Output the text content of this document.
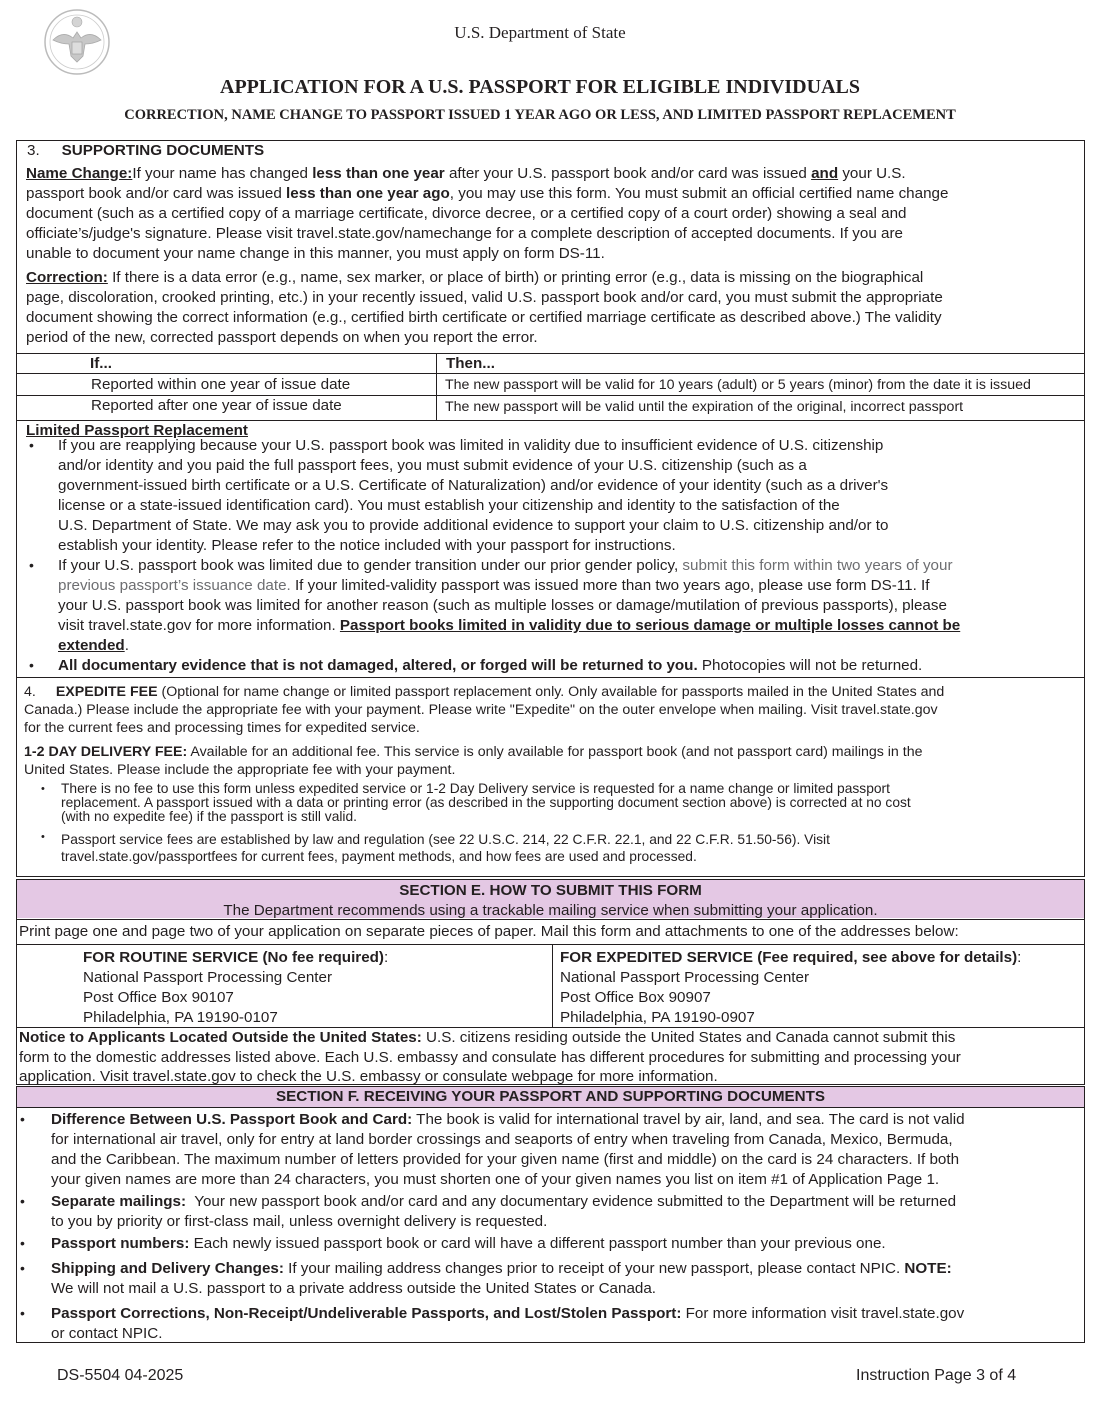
U.S. Department of State
APPLICATION FOR A U.S. PASSPORT FOR ELIGIBLE INDIVIDUALS
CORRECTION, NAME CHANGE TO PASSPORT ISSUED 1 YEAR AGO OR LESS, AND LIMITED PASSPORT REPLACEMENT
3. SUPPORTING DOCUMENTS
Name Change:If your name has changed less than one year after your U.S. passport book and/or card was issued and your U.S.
passport book and/or card was issued less than one year ago, you may use this form. You must submit an official certified name change
document (such as a certified copy of a marriage certificate, divorce decree, or a certified copy of a court order) showing a seal and
officiate’s/judge's signature. Please visit travel.state.gov/namechange for a complete description of accepted documents. If you are
unable to document your name change in this manner, you must apply on form DS-11.
Correction: If there is a data error (e.g., name, sex marker, or place of birth) or printing error (e.g., data is missing on the biographical
page, discoloration, crooked printing, etc.) in your recently issued, valid U.S. passport book and/or card, you must submit the appropriate
document showing the correct information (e.g., certified birth certificate or certified marriage certificate as described above.) The validity
period of the new, corrected passport depends on when you report the error.
If...	Then...
Reported within one year of issue date	The new passport will be valid for 10 years (adult) or 5 years (minor) from the date it is issued
Reported after one year of issue date	The new passport will be valid until the expiration of the original, incorrect passport
Limited Passport Replacement
• If you are reapplying because your U.S. passport book was limited in validity due to insufficient evidence of U.S. citizenship
and/or identity and you paid the full passport fees, you must submit evidence of your U.S. citizenship (such as a
government-issued birth certificate or a U.S. Certificate of Naturalization) and/or evidence of your identity (such as a driver's
license or a state-issued identification card). You must establish your citizenship and identity to the satisfaction of the
U.S. Department of State. We may ask you to provide additional evidence to support your claim to U.S. citizenship and/or to
establish your identity. Please refer to the notice included with your passport for instructions.
• If your U.S. passport book was limited due to gender transition under our prior gender policy, submit this form within two years of your
previous passport’s issuance date. If your limited-validity passport was issued more than two years ago, please use form DS-11. If
your U.S. passport book was limited for another reason (such as multiple losses or damage/mutilation of previous passports), please
visit travel.state.gov for more information. Passport books limited in validity due to serious damage or multiple losses cannot be
extended.
• All documentary evidence that is not damaged, altered, or forged will be returned to you. Photocopies will not be returned.
4. EXPEDITE FEE (Optional for name change or limited passport replacement only. Only available for passports mailed in the United States and
Canada.) Please include the appropriate fee with your payment. Please write "Expedite" on the outer envelope when mailing. Visit travel.state.gov
for the current fees and processing times for expedited service.
1-2 DAY DELIVERY FEE: Available for an additional fee. This service is only available for passport book (and not passport card) mailings in the
United States. Please include the appropriate fee with your payment.
• There is no fee to use this form unless expedited service or 1-2 Day Delivery service is requested for a name change or limited passport
replacement. A passport issued with a data or printing error (as described in the supporting document section above) is corrected at no cost
(with no expedite fee) if the passport is still valid.
• Passport service fees are established by law and regulation (see 22 U.S.C. 214, 22 C.F.R. 22.1, and 22 C.F.R. 51.50-56). Visit
travel.state.gov/passportfees for current fees, payment methods, and how fees are used and processed.
SECTION E. HOW TO SUBMIT THIS FORM
The Department recommends using a trackable mailing service when submitting your application.
Print page one and page two of your application on separate pieces of paper. Mail this form and attachments to one of the addresses below:
FOR ROUTINE SERVICE (No fee required):
National Passport Processing Center
Post Office Box 90107
Philadelphia, PA 19190-0107
FOR EXPEDITED SERVICE (Fee required, see above for details):
National Passport Processing Center
Post Office Box 90907
Philadelphia, PA 19190-0907
Notice to Applicants Located Outside the United States: U.S. citizens residing outside the United States and Canada cannot submit this
form to the domestic addresses listed above. Each U.S. embassy and consulate has different procedures for submitting and processing your
application. Visit travel.state.gov to check the U.S. embassy or consulate webpage for more information.
SECTION F. RECEIVING YOUR PASSPORT AND SUPPORTING DOCUMENTS
• Difference Between U.S. Passport Book and Card: The book is valid for international travel by air, land, and sea. The card is not valid
for international air travel, only for entry at land border crossings and seaports of entry when traveling from Canada, Mexico, Bermuda,
and the Caribbean. The maximum number of letters provided for your given name (first and middle) on the card is 24 characters. If both
your given names are more than 24 characters, you must shorten one of your given names you list on item #1 of Application Page 1.
• Separate mailings:  Your new passport book and/or card and any documentary evidence submitted to the Department will be returned
to you by priority or first-class mail, unless overnight delivery is requested.
• Passport numbers: Each newly issued passport book or card will have a different passport number than your previous one.
• Shipping and Delivery Changes: If your mailing address changes prior to receipt of your new passport, please contact NPIC. NOTE:
We will not mail a U.S. passport to a private address outside the United States or Canada.
• Passport Corrections, Non-Receipt/Undeliverable Passports, and Lost/Stolen Passport: For more information visit travel.state.gov
or contact NPIC.
DS-5504 04-2025	Instruction Page 3 of 4
